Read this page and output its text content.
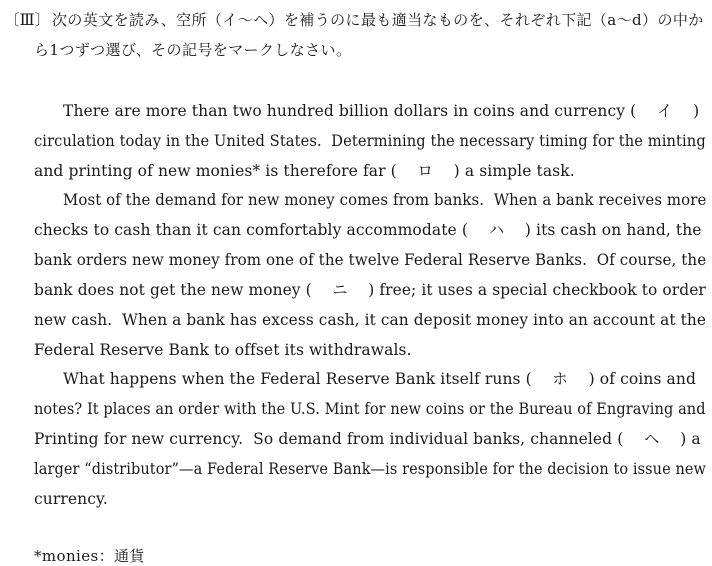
〔Ⅲ〕 次の英文を読み、空所（イ～ヘ）を補うのに最も適当なものを、それぞれ下記（a～d）の中か
ら1つずつ選び、その記号をマークしなさい。
There are more than two hundred billion dollars in coins and currency (　 イ　 )
circulation today in the United States.  Determining the necessary timing for the minting
and printing of new monies* is therefore far (　 ロ　 ) a simple task.
Most of the demand for new money comes from banks.  When a bank receives more
checks to cash than it can comfortably accommodate (　 ハ　 ) its cash on hand, the
bank orders new money from one of the twelve Federal Reserve Banks.  Of course, the
bank does not get the new money (　 ニ　 ) free; it uses a special checkbook to order
new cash.  When a bank has excess cash, it can deposit money into an account at the
Federal Reserve Bank to offset its withdrawals.
What happens when the Federal Reserve Bank itself runs (　 ホ　 ) of coins and
notes? It places an order with the U.S. Mint for new coins or the Bureau of Engraving and
Printing for new currency.  So demand from individual banks, channeled (　 ヘ　 ) a
larger “distributor”—a Federal Reserve Bank—is responsible for the decision to issue new
currency.
*monies：通貨
